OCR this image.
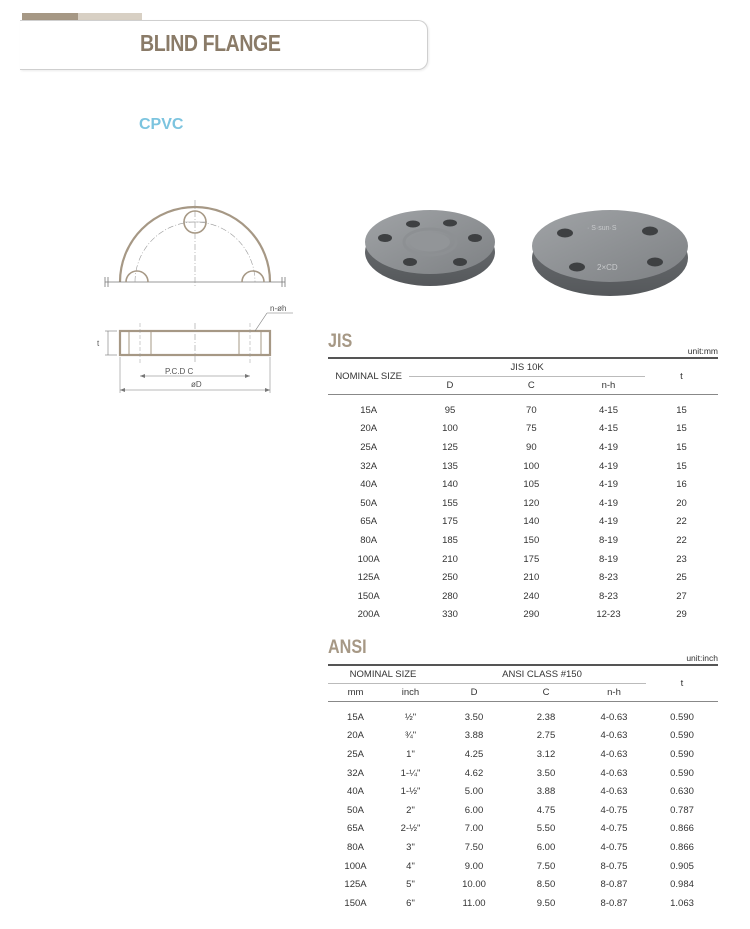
BLIND FLANGE
CPVC
t
P.C.D C
øD
n-øh
· S·sun·S
2×CD
JIS	unit:mm
NOMINAL SIZE	JIS 10K			t
	D	C	n-h	

15A	95	70	4-15	15
20A	100	75	4-15	15
25A	125	90	4-19	15
32A	135	100	4-19	15
40A	140	105	4-19	16
50A	155	120	4-19	20
65A	175	140	4-19	22
80A	185	150	8-19	22
100A	210	175	8-19	23
125A	250	210	8-23	25
150A	280	240	8-23	27
200A	330	290	12-23	29
ANSI	unit:inch
NOMINAL SIZE		ANSI CLASS #150			t
mm	inch	D	C	n-h	

15A	½"	3.50	2.38	4-0.63	0.590
20A	¾"	3.88	2.75	4-0.63	0.590
25A	1"	4.25	3.12	4-0.63	0.590
32A	1-¼"	4.62	3.50	4-0.63	0.590
40A	1-½"	5.00	3.88	4-0.63	0.630
50A	2"	6.00	4.75	4-0.75	0.787
65A	2-½"	7.00	5.50	4-0.75	0.866
80A	3"	7.50	6.00	4-0.75	0.866
100A	4"	9.00	7.50	8-0.75	0.905
125A	5"	10.00	8.50	8-0.87	0.984
150A	6"	11.00	9.50	8-0.87	1.063
